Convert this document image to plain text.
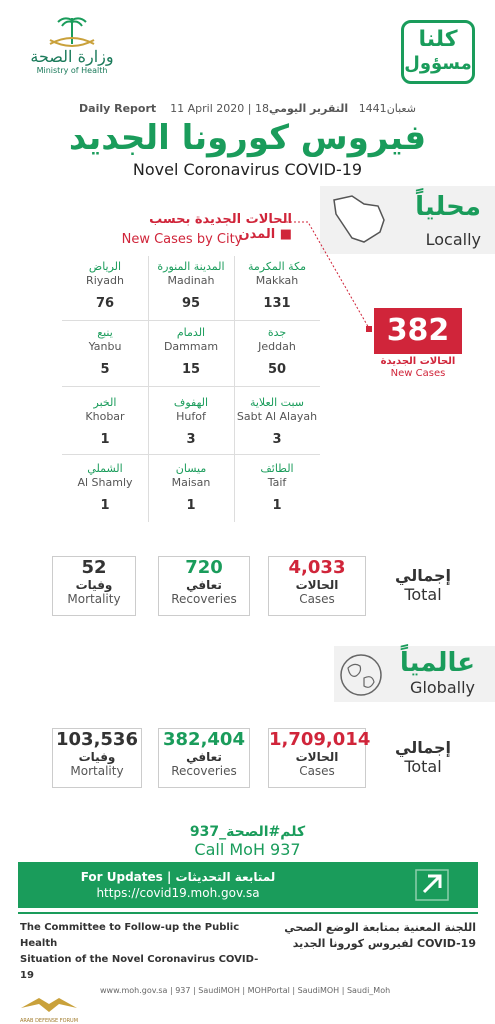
وزارة الصحة
Ministry of Health
كلنا
مسؤول
Daily Report 11 April 2020 | 18شعبان1441   التقرير اليومي
فيروس كورونا الجديد
Novel Coronavirus COVID-19
محلياً
Locally
الحالات الجديدة بحسب المدن ■
New Cases by City
مكة المكرمة
Makkah
131
المدينة المنورة
Madinah
95
الرياض
Riyadh
76
جدة
Jeddah
50
الدمام
Dammam
15
ينبع
Yanbu
5
سبت العلاية
Sabt Al Alayah
3
الهفوف
Hufof
3
الخبر
Khobar
1
الطائف
Taif
1
ميسان
Maisan
1
الشملي
Al Shamly
1
382
الحالات الجديدة
New Cases
إجمالي
Total
4,033
الحالات
Cases
720
تعافي
Recoveries
52
وفيات
Mortality
عالمياً
Globally
إجمالي
Total
1,709,014
الحالات
Cases
382,404
تعافي
Recoveries
103,536
وفيات
Mortality
كلم#الصحة_937
Call MoH 937
For Updates | لمتابعة التحديثات
https://covid19.moh.gov.sa
The Committee to Follow-up the Public Health
Situation of the Novel Coronavirus COVID-19
اللجنة المعنية بمتابعة الوضع الصحي
لفيروس كورونا الجديد COVID-19
www.moh.gov.sa | 937 | SaudiMOH | MOHPortal | SaudiMOH | Saudi_Moh
ARAB DEFENSE FORUM
